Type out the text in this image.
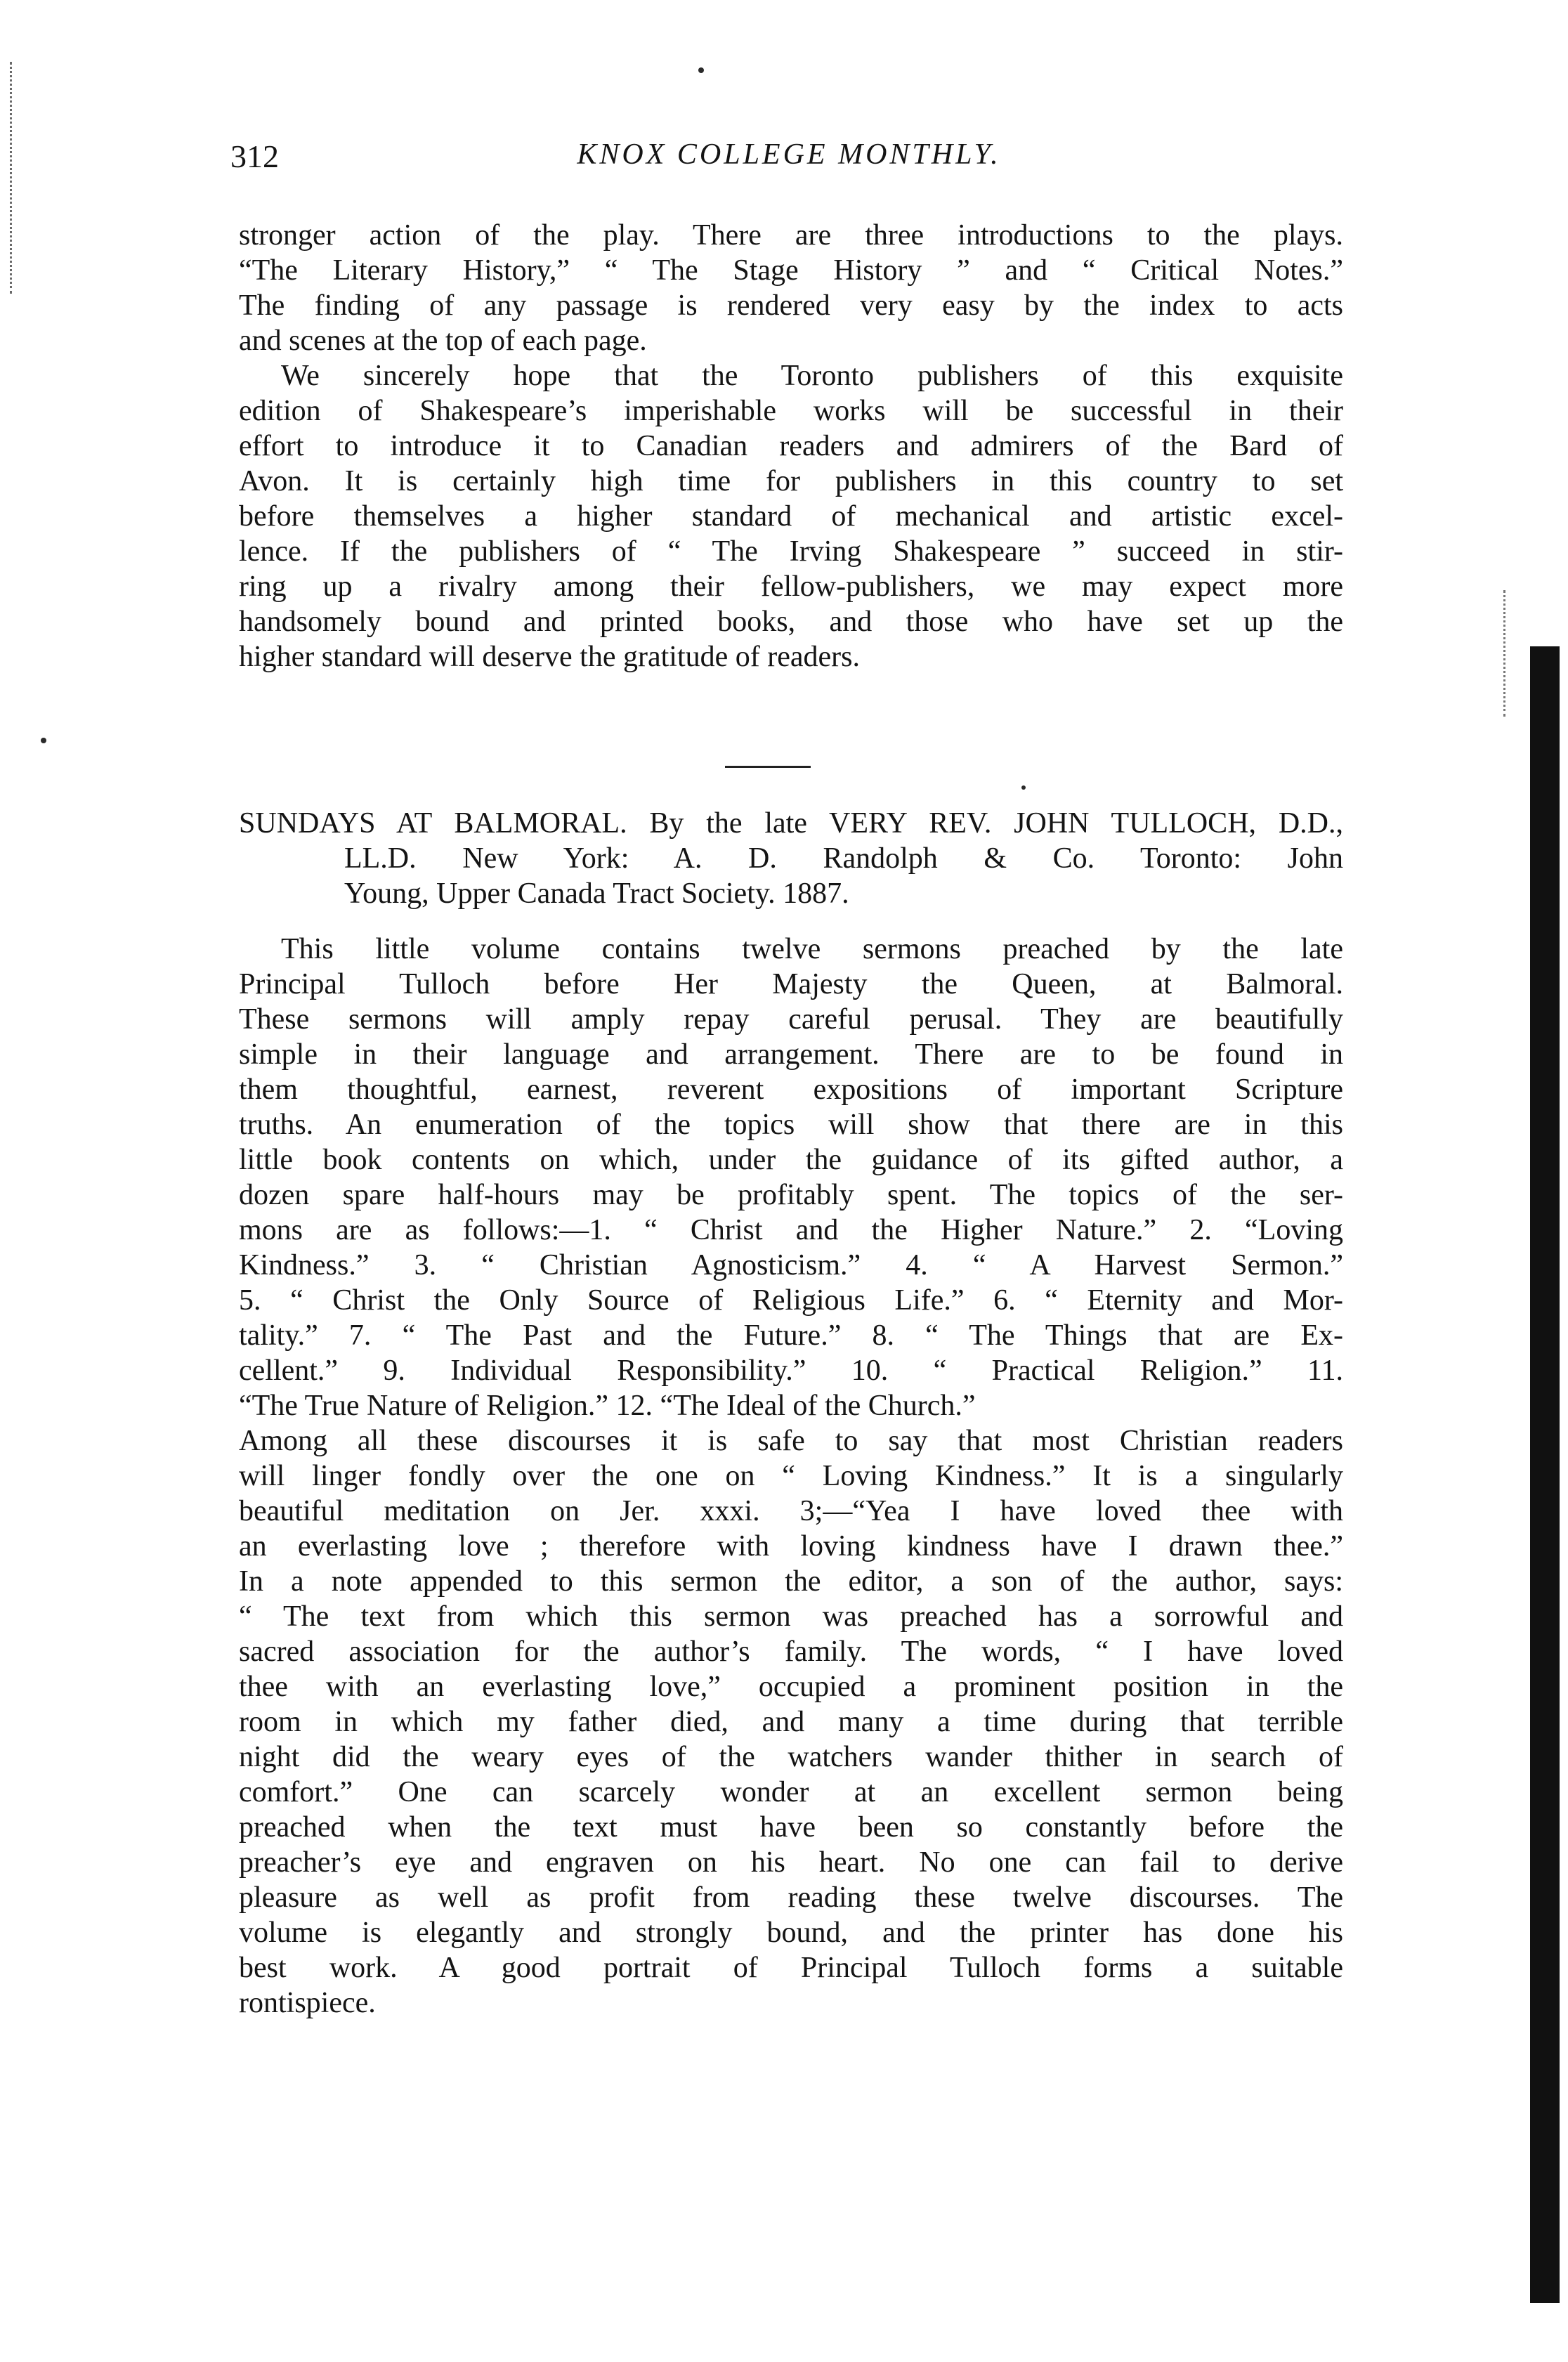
312	KNOX COLLEGE MONTHLY.
stronger action of the play. There are three introductions to the plays.
“The Literary History,” “ The Stage History ” and “ Critical Notes.”
The finding of any passage is rendered very easy by the index to acts
and scenes at the top of each page.
We sincerely hope that the Toronto publishers of this exquisite
edition of Shakespeare’s imperishable works will be successful in their
effort to introduce it to Canadian readers and admirers of the Bard of
Avon. It is certainly high time for publishers in this country to set
before themselves a higher standard of mechanical and artistic excel-
lence. If the publishers of “ The Irving Shakespeare ” succeed in stir-
ring up a rivalry among their fellow-publishers, we may expect more
handsomely bound and printed books, and those who have set up the
higher standard will deserve the gratitude of readers.
SUNDAYS AT BALMORAL. By the late VERY REV. JOHN TULLOCH, D.D.,
LL.D. New York: A. D. Randolph & Co. Toronto: John
Young, Upper Canada Tract Society. 1887.
This little volume contains twelve sermons preached by the late
Principal Tulloch before Her Majesty the Queen, at Balmoral.
These sermons will amply repay careful perusal. They are beautifully
simple in their language and arrangement. There are to be found in
them thoughtful, earnest, reverent expositions of important Scripture
truths. An enumeration of the topics will show that there are in this
little book contents on which, under the guidance of its gifted author, a
dozen spare half-hours may be profitably spent. The topics of the ser-
mons are as follows:—1. “ Christ and the Higher Nature.” 2. “Loving
Kindness.” 3. “ Christian Agnosticism.” 4. “ A Harvest Sermon.”
5. “ Christ the Only Source of Religious Life.” 6. “ Eternity and Mor-
tality.” 7. “ The Past and the Future.” 8. “ The Things that are Ex-
cellent.” 9. Individual Responsibility.” 10. “ Practical Religion.” 11.
“The True Nature of Religion.” 12. “The Ideal of the Church.”
Among all these discourses it is safe to say that most Christian readers
will linger fondly over the one on “ Loving Kindness.” It is a singularly
beautiful meditation on Jer. xxxi. 3;—“Yea I have loved thee with
an everlasting love ; therefore with loving kindness have I drawn thee.”
In a note appended to this sermon the editor, a son of the author, says:
“ The text from which this sermon was preached has a sorrowful and
sacred association for the author’s family. The words, “ I have loved
thee with an everlasting love,” occupied a prominent position in the
room in which my father died, and many a time during that terrible
night did the weary eyes of the watchers wander thither in search of
comfort.” One can scarcely wonder at an excellent sermon being
preached when the text must have been so constantly before the
preacher’s eye and engraven on his heart. No one can fail to derive
pleasure as well as profit from reading these twelve discourses. The
volume is elegantly and strongly bound, and the printer has done his
best work. A good portrait of Principal Tulloch forms a suitable
rontispiece.
